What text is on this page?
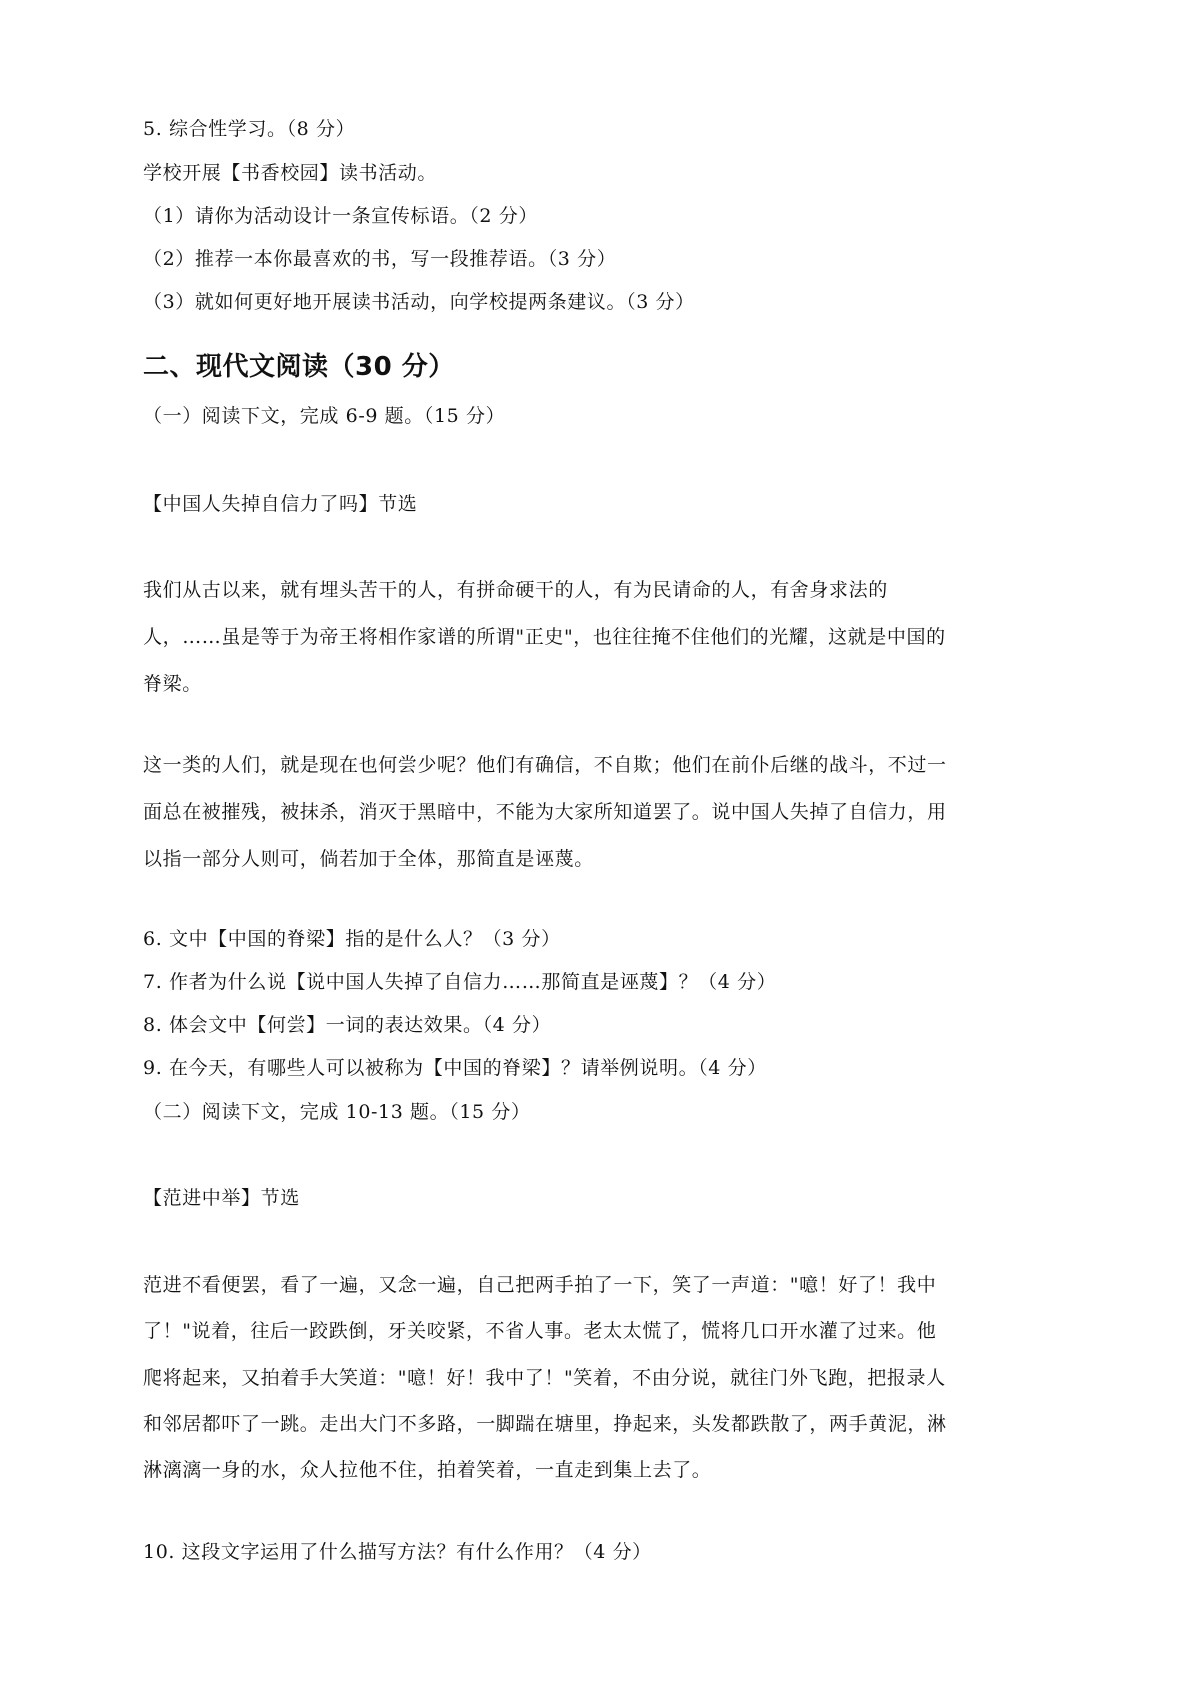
5. 综合性学习。（8 分）
学校开展【书香校园】读书活动。
（1）请你为活动设计一条宣传标语。（2 分）
（2）推荐一本你最喜欢的书，写一段推荐语。（3 分）
（3）就如何更好地开展读书活动，向学校提两条建议。（3 分）
二、现代文阅读（30 分）
（一）阅读下文，完成 6-9 题。（15 分）
【中国人失掉自信力了吗】节选
我们从古以来，就有埋头苦干的人，有拼命硬干的人，有为民请命的人，有舍身求法的
人，……虽是等于为帝王将相作家谱的所谓"正史"，也往往掩不住他们的光耀，这就是中国的
脊梁。
这一类的人们，就是现在也何尝少呢？他们有确信，不自欺；他们在前仆后继的战斗，不过一
面总在被摧残，被抹杀，消灭于黑暗中，不能为大家所知道罢了。说中国人失掉了自信力，用
以指一部分人则可，倘若加于全体，那简直是诬蔑。
6. 文中【中国的脊梁】指的是什么人？（3 分）
7. 作者为什么说【说中国人失掉了自信力……那简直是诬蔑】？（4 分）
8. 体会文中【何尝】一词的表达效果。（4 分）
9. 在今天，有哪些人可以被称为【中国的脊梁】？请举例说明。（4 分）
（二）阅读下文，完成 10-13 题。（15 分）
【范进中举】节选
范进不看便罢，看了一遍，又念一遍，自己把两手拍了一下，笑了一声道："噫！好了！我中
了！"说着，往后一跤跌倒，牙关咬紧，不省人事。老太太慌了，慌将几口开水灌了过来。他
爬将起来，又拍着手大笑道："噫！好！我中了！"笑着，不由分说，就往门外飞跑，把报录人
和邻居都吓了一跳。走出大门不多路，一脚踹在塘里，挣起来，头发都跌散了，两手黄泥，淋
淋漓漓一身的水，众人拉他不住，拍着笑着，一直走到集上去了。
10. 这段文字运用了什么描写方法？有什么作用？（4 分）
